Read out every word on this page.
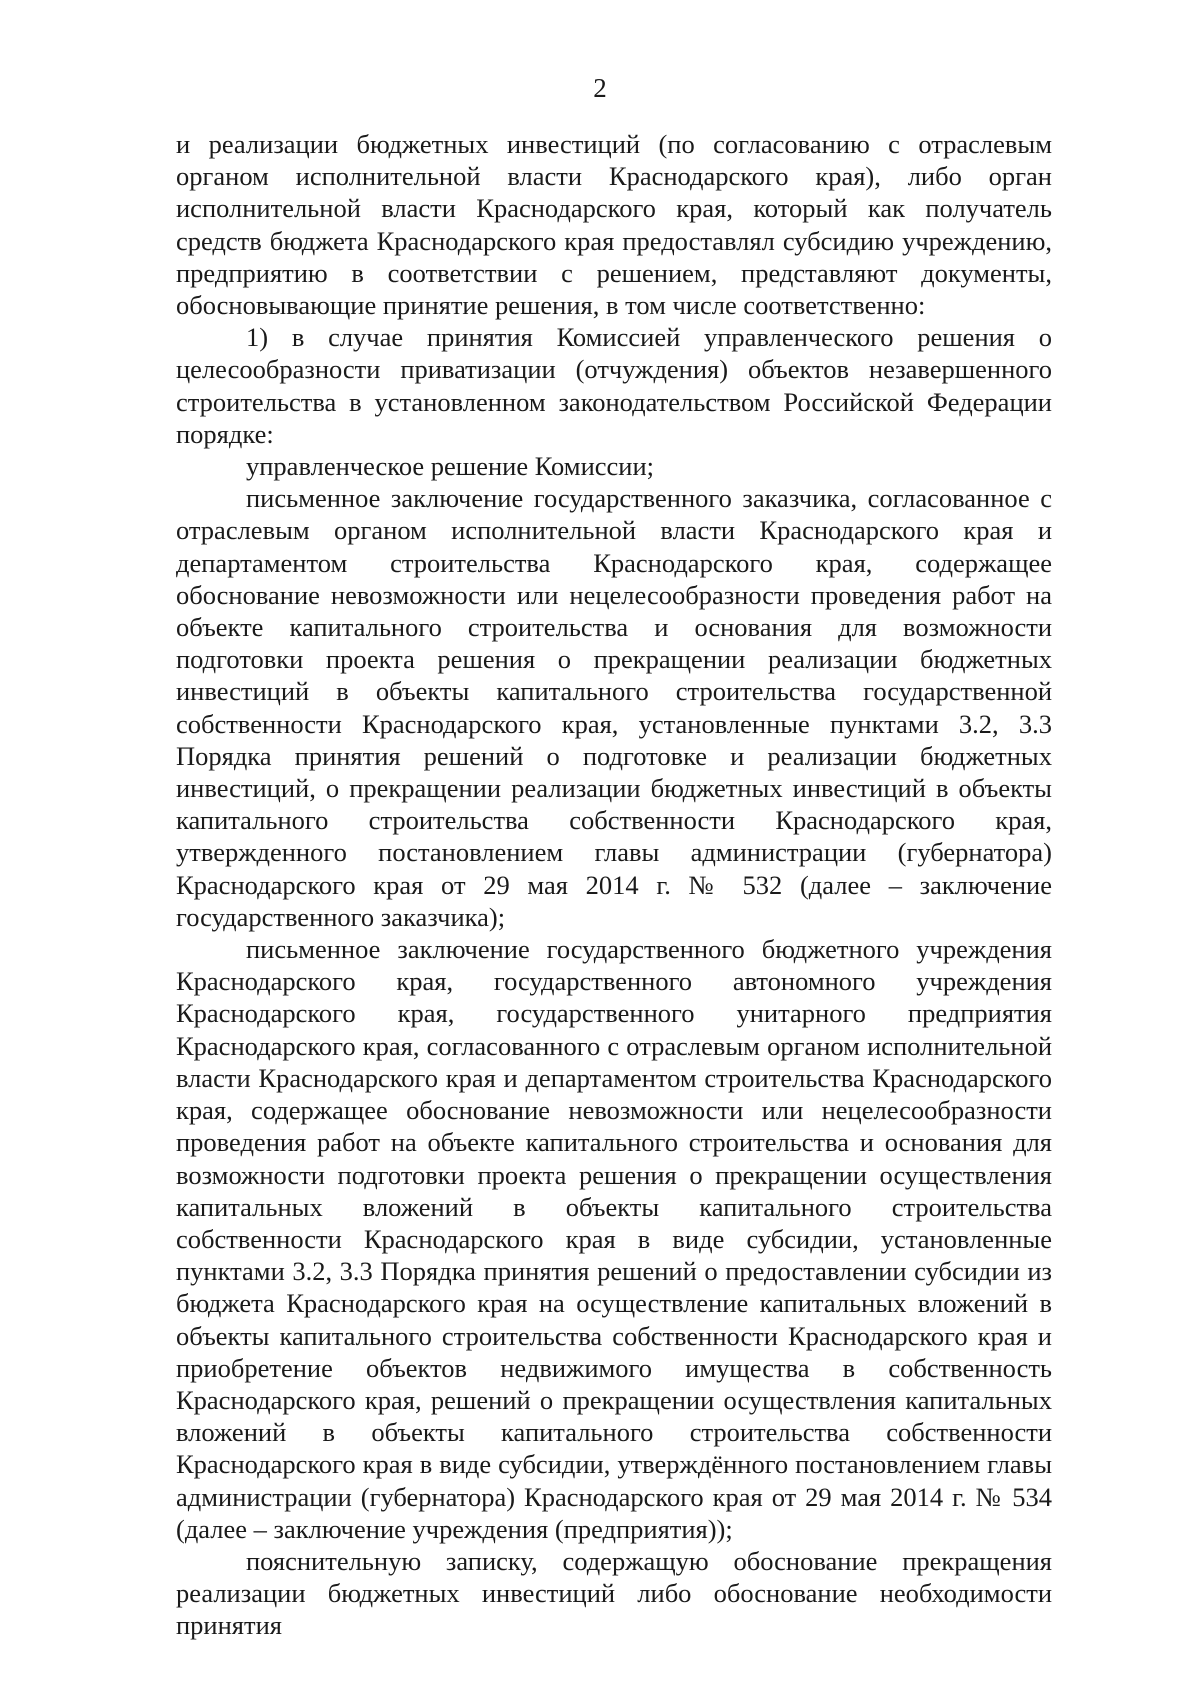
2

и реализации бюджетных инвестиций (по согласованию с отраслевым органом исполнительной власти Краснодарского края), либо орган исполнительной власти Краснодарского края, который как получатель средств бюджета Краснодарского края предоставлял субсидию учреждению, предприятию в соответствии с решением, представляют документы, обосновывающие принятие решения, в том числе соответственно:

1) в случае принятия Комиссией управленческого решения о целесообразности приватизации (отчуждения) объектов незавершенного строительства в установленном законодательством Российской Федерации порядке:

управленческое решение Комиссии;

письменное заключение государственного заказчика, согласованное с отраслевым органом исполнительной власти Краснодарского края и департаментом строительства Краснодарского края, содержащее обоснование невозможности или нецелесообразности проведения работ на объекте капитального строительства и основания для возможности подготовки проекта решения о прекращении реализации бюджетных инвестиций в объекты капитального строительства государственной собственности Краснодарского края, установленные пунктами 3.2, 3.3 Порядка принятия решений о подготовке и реализации бюджетных инвестиций, о прекращении реализации бюджетных инвестиций в объекты капитального строительства собственности Краснодарского края, утвержденного постановлением главы администрации (губернатора) Краснодарского края от 29 мая 2014 г. № 532 (далее – заключение государственного заказчика);

письменное заключение государственного бюджетного учреждения Краснодарского края, государственного автономного учреждения Краснодарского края, государственного унитарного предприятия Краснодарского края, согласованного с отраслевым органом исполнительной власти Краснодарского края и департаментом строительства Краснодарского края, содержащее обоснование невозможности или нецелесообразности проведения работ на объекте капитального строительства и основания для возможности подготовки проекта решения о прекращении осуществления капитальных вложений в объекты капитального строительства собственности Краснодарского края в виде субсидии, установленные пунктами 3.2, 3.3 Порядка принятия решений о предоставлении субсидии из бюджета Краснодарского края на осуществление капитальных вложений в объекты капитального строительства собственности Краснодарского края и приобретение объектов недвижимого имущества в собственность Краснодарского края, решений о прекращении осуществления капитальных вложений в объекты капитального строительства собственности Краснодарского края в виде субсидии, утверждённого постановлением главы администрации (губернатора) Краснодарского края от 29 мая 2014 г. № 534 (далее – заключение учреждения (предприятия));

пояснительную записку, содержащую обоснование прекращения реализации бюджетных инвестиций либо обоснование необходимости принятия
